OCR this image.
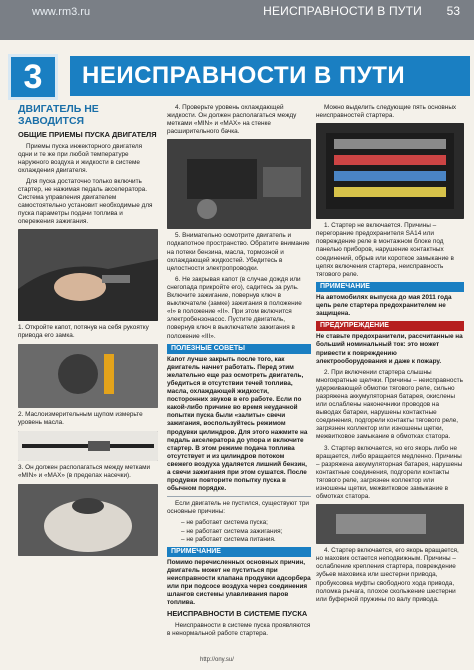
www.rm3.ru	НЕИСПРАВНОСТИ В ПУТИ 53
3	НЕИСПРАВНОСТИ В ПУТИ
ДВИГАТЕЛЬ НЕ ЗАВОДИТСЯ
ОБЩИЕ ПРИЕМЫ ПУСКА ДВИГАТЕЛЯ

Приемы пуска инжекторного двигателя одни и те же при любой температуре наружного воздуха и жидкости в системе охлаждения двигателя.

Для пуска достаточно только включить стартер, не нажимая педаль акселератора. Система управления двигателем самостоятельно установит необходимые для пуска параметры подачи топлива и опережения зажигания.

1. Откройте капот, потянув на себя рукоятку привода его замка.
2. Маслоизмерительным щупом измерьте уровень масла.
3. Он должен располагаться между метками «MIN» и «MAX» (в пределах насечки).

4. Проверьте уровень охлаждающей жидкости. Он должен располагаться между метками «MIN» и «MAX» на стенке расширительного бачка.

5. Внимательно осмотрите двигатель и подкапотное пространство. Обратите внимание на потеки бензина, масла, тормозной и охлаждающей жидкостей. Убедитесь в целостности электропроводки.

6. Не закрывая капот (в случае дождя или снегопада прикройте его), садитесь за руль. Включите зажигание, повернув ключ в выключателе (замке) зажигания в положение «I» в положение «II». При этом включится электробензонасос. Пустите двигатель, повернув ключ в выключателе зажигания в положение «III».

ПОЛЕЗНЫЕ СОВЕТЫ

Капот лучше закрыть после того, как двигатель начнет работать. Перед этим желательно еще раз осмотреть двигатель, убедиться в отсутствии течей топлива, масла, охлаждающей жидкости, посторонних звуков в его работе. Если по какой-либо причине во время неудачной попытки пуска были «залиты» свечи зажигания, воспользуйтесь режимом продувки цилиндров. Для этого нажмите на педаль акселератора до упора и включите стартер. В этом режиме подача топлива отсутствует и из цилиндров потоком свежего воздуха удаляется лишний бензин, а свечи зажигания при этом сушатся. После продувки повторите попытку пуска в обычном порядке.

Если двигатель не пустился, существуют три основные причины:

– не работает система пуска;
– не работает система зажигания;
– не работает система питания.
ПРИМЕЧАНИЕ

Помимо перечисленных основных причин, двигатель может не пуститься при неисправности клапана продувки адсорбера или при подсосе воздуха через соединения шлангов системы улавливания паров топлива.

НЕИСПРАВНОСТИ В СИСТЕМЕ ПУСКА

Неисправности в системе пуска проявляются в ненормальной работе стартера.

Можно выделить следующие пять основных неисправностей стартера.

1. Стартер не включается. Причины – перегорание предохранителя SA14 или повреждение реле в монтажном блоке под панелью приборов, нарушение контактных соединений, обрыв или короткое замыкание в цепях включения стартера, неисправность тягового реле.

ПРИМЕЧАНИЕ

На автомобилях выпуска до мая 2011 года цепь реле стартера предохранителем не защищена.

ПРЕДУПРЕЖДЕНИЕ

Не ставьте предохранители, рассчитанные на больший номинальный ток: это может привести к повреждению электрооборудования и даже к пожару.

2. При включении стартера слышны многократные щелчки. Причины – неисправность удерживающей обмотки тягового реле, сильно разряжена аккумуляторная батарея, окислены или ослаблены наконечники проводов на выводах батареи, нарушены контактные соединения, подгорели контакты тягового реле, загрязнен коллектор или изношены щетки, межвитковое замыкание в обмотках статора.

3. Стартер включается, но его якорь либо не вращается, либо вращается медленно. Причины – разряжена аккумуляторная батарея, нарушены контактные соединения, подгорели контакты тягового реле, загрязнен коллектор или изношены щетки, межвитковое замыкание в обмотках статора.

4. Стартер включается, его якорь вращается, но маховик остается неподвижным. Причины – ослабление крепления стартера, повреждение зубьев маховика или шестерни привода, пробуксовка муфты свободного хода привода, поломка рычага, плохое скольжение шестерни или буферной пружины по валу привода.

http://ony.su/
